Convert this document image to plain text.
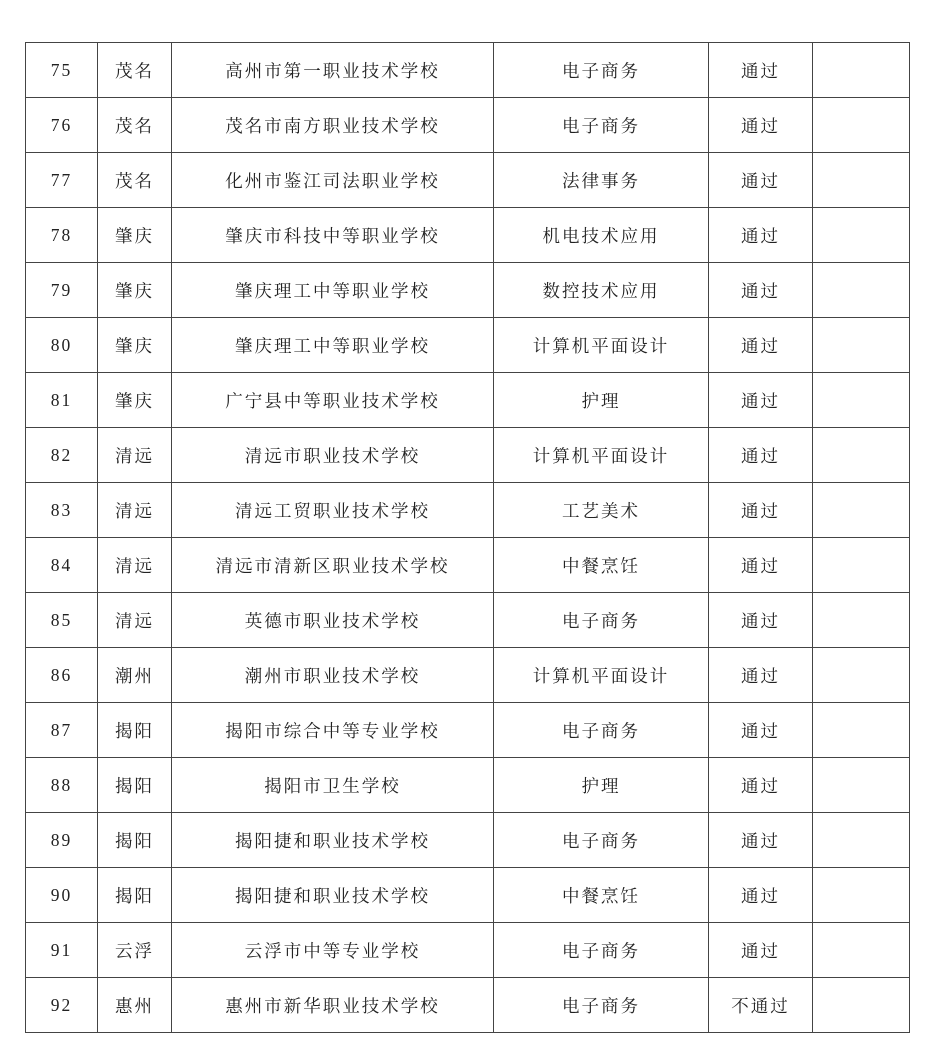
75	茂名	高州市第一职业技术学校	电子商务	通过	
76	茂名	茂名市南方职业技术学校	电子商务	通过	
77	茂名	化州市鉴江司法职业学校	法律事务	通过	
78	肇庆	肇庆市科技中等职业学校	机电技术应用	通过	
79	肇庆	肇庆理工中等职业学校	数控技术应用	通过	
80	肇庆	肇庆理工中等职业学校	计算机平面设计	通过	
81	肇庆	广宁县中等职业技术学校	护理	通过	
82	清远	清远市职业技术学校	计算机平面设计	通过	
83	清远	清远工贸职业技术学校	工艺美术	通过	
84	清远	清远市清新区职业技术学校	中餐烹饪	通过	
85	清远	英德市职业技术学校	电子商务	通过	
86	潮州	潮州市职业技术学校	计算机平面设计	通过	
87	揭阳	揭阳市综合中等专业学校	电子商务	通过	
88	揭阳	揭阳市卫生学校	护理	通过	
89	揭阳	揭阳捷和职业技术学校	电子商务	通过	
90	揭阳	揭阳捷和职业技术学校	中餐烹饪	通过	
91	云浮	云浮市中等专业学校	电子商务	通过	
92	惠州	惠州市新华职业技术学校	电子商务	不通过	
